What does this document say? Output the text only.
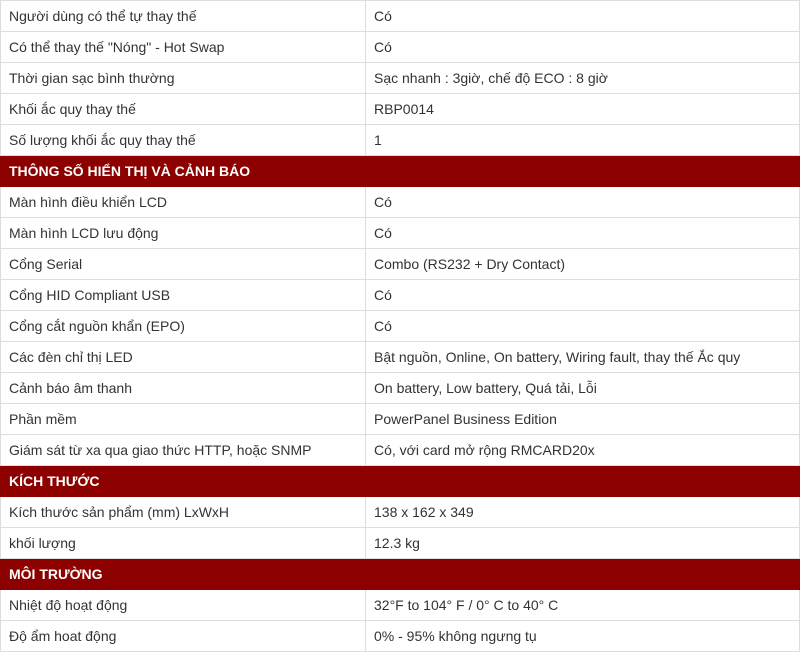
Người dùng có thể tự thay thế	Có
Có thể thay thế "Nóng" - Hot Swap	Có
Thời gian sạc bình thường	Sạc nhanh : 3giờ, chế độ ECO : 8 giờ
Khối ắc quy thay thế	RBP0014
Số lượng khối ắc quy thay thế	1
THÔNG SỐ HIỂN THỊ VÀ CẢNH BÁO	
Màn hình điều khiển LCD	Có
Màn hình LCD lưu động	Có
Cổng Serial	Combo (RS232 + Dry Contact)
Cổng HID Compliant USB	Có
Cổng cắt nguồn khẩn (EPO)	Có
Các đèn chỉ thị LED	Bật nguồn, Online, On battery, Wiring fault, thay thế Ắc quy
Cảnh báo âm thanh	On battery, Low battery, Quá tải, Lỗi
Phần mềm	PowerPanel Business Edition
Giám sát từ xa qua giao thức HTTP, hoặc SNMP	Có, với card mở rộng RMCARD20x
KÍCH THƯỚC	
Kích thước sản phẩm (mm) LxWxH	138 x 162 x 349
khối lượng	12.3 kg
MÔI TRƯỜNG	
Nhiệt độ hoạt động	32°F to 104° F / 0° C to 40° C
Độ ẩm hoat động	0% - 95% không ngưng tụ
